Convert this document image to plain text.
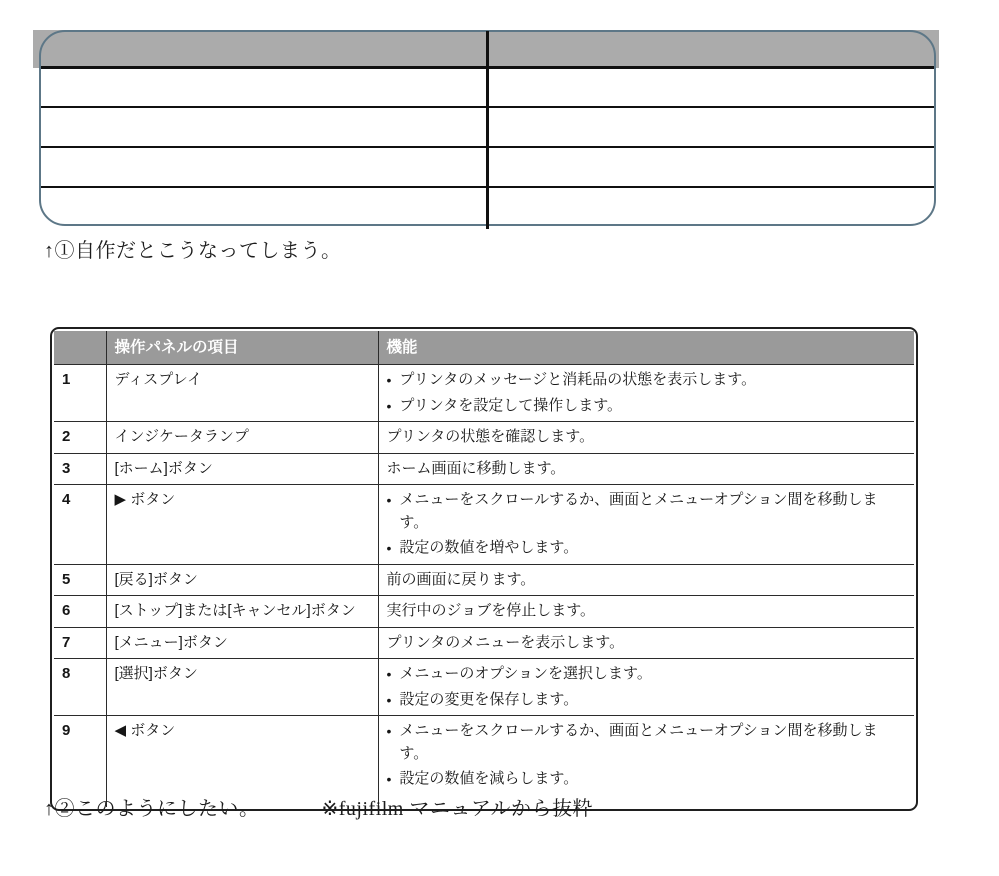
↑①自作だとこうなってしまう。
	操作パネルの項目	機能
1	ディスプレイ	• プリンタのメッセージと消耗品の状態を表示します。
• プリンタを設定して操作します。

2	インジケータランプ	プリンタの状態を確認します。

3	[ホーム]ボタン	ホーム画面に移動します。

4	▶ ボタン	• メニューをスクロールするか、画面とメニューオプション間を移動します。
• 設定の数値を増やします。

5	[戻る]ボタン	前の画面に戻ります。

6	[ストップ]または[キャンセル]ボタン	実行中のジョブを停止します。

7	[メニュー]ボタン	プリンタのメニューを表示します。

8	[選択]ボタン	• メニューのオプションを選択します。
• 設定の変更を保存します。

9	◀ ボタン	• メニューをスクロールするか、画面とメニューオプション間を移動します。
• 設定の数値を減らします。
↑②このようにしたい。	※fujifilm マニュアルから抜粋
